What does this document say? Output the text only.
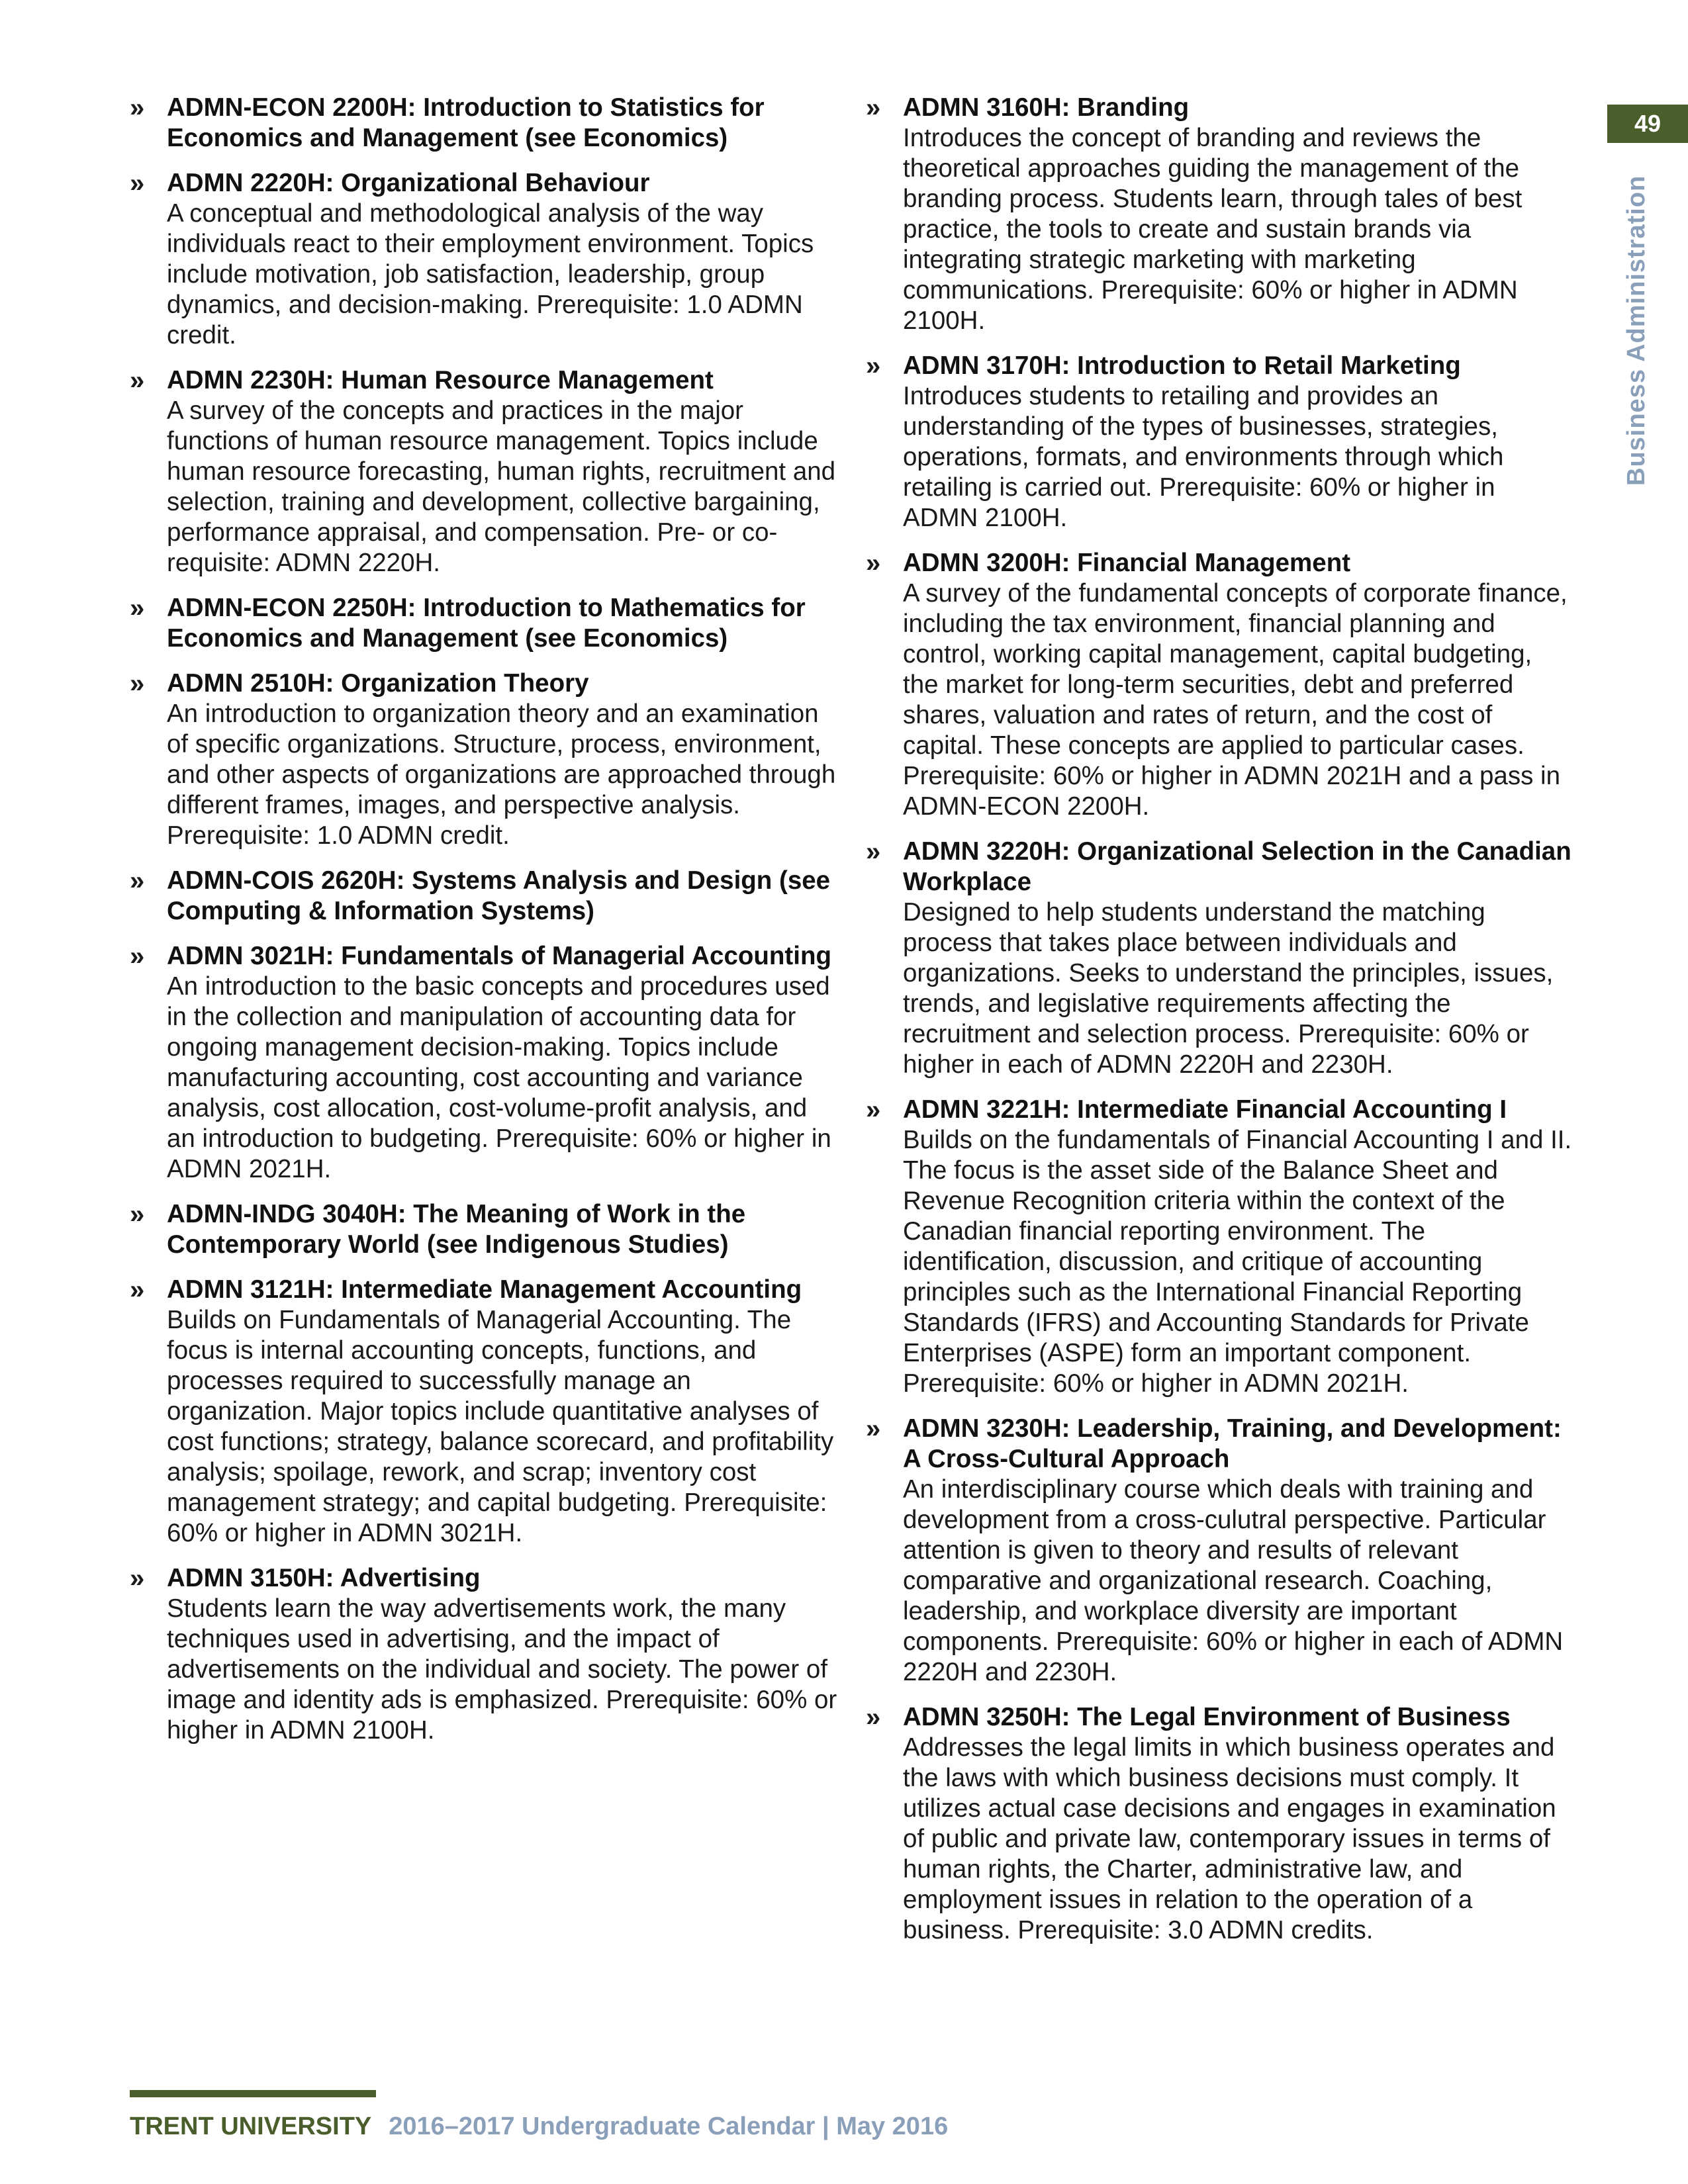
» ADMN-ECON 2200H: Introduction to Statistics for Economics and Management (see Economics)
» ADMN 2220H: Organizational Behaviour
A conceptual and methodological analysis of the way individuals react to their employment environment. Topics include motivation, job satisfaction, leadership, group dynamics, and decision-making. Prerequisite: 1.0 ADMN credit.
» ADMN 2230H: Human Resource Management
A survey of the concepts and practices in the major functions of human resource management. Topics include human resource forecasting, human rights, recruitment and selection, training and development, collective bargaining, performance appraisal, and compensation. Pre- or co-requisite: ADMN 2220H.
» ADMN-ECON 2250H: Introduction to Mathematics for Economics and Management (see Economics)
» ADMN 2510H: Organization Theory
An introduction to organization theory and an examination of specific organizations. Structure, process, environment, and other aspects of organizations are approached through different frames, images, and perspective analysis. Prerequisite: 1.0 ADMN credit.
» ADMN-COIS 2620H: Systems Analysis and Design (see Computing & Information Systems)
» ADMN 3021H: Fundamentals of Managerial Accounting
An introduction to the basic concepts and procedures used in the collection and manipulation of accounting data for ongoing management decision-making. Topics include manufacturing accounting, cost accounting and variance analysis, cost allocation, cost-volume-profit analysis, and an introduction to budgeting. Prerequisite: 60% or higher in ADMN 2021H.
» ADMN-INDG 3040H: The Meaning of Work in the Contemporary World (see Indigenous Studies)
» ADMN 3121H: Intermediate Management Accounting
Builds on Fundamentals of Managerial Accounting. The focus is internal accounting concepts, functions, and processes required to successfully manage an organization. Major topics include quantitative analyses of cost functions; strategy, balance scorecard, and profitability analysis; spoilage, rework, and scrap; inventory cost management strategy; and capital budgeting. Prerequisite: 60% or higher in ADMN 3021H.
» ADMN 3150H: Advertising
Students learn the way advertisements work, the many techniques used in advertising, and the impact of advertisements on the individual and society. The power of image and identity ads is emphasized. Prerequisite: 60% or higher in ADMN 2100H.
» ADMN 3160H: Branding
Introduces the concept of branding and reviews the theoretical approaches guiding the management of the branding process. Students learn, through tales of best practice, the tools to create and sustain brands via integrating strategic marketing with marketing communications. Prerequisite: 60% or higher in ADMN 2100H.
» ADMN 3170H: Introduction to Retail Marketing
Introduces students to retailing and provides an understanding of the types of businesses, strategies, operations, formats, and environments through which retailing is carried out. Prerequisite: 60% or higher in ADMN 2100H.
» ADMN 3200H: Financial Management
A survey of the fundamental concepts of corporate finance, including the tax environment, financial planning and control, working capital management, capital budgeting, the market for long-term securities, debt and preferred shares, valuation and rates of return, and the cost of capital. These concepts are applied to particular cases. Prerequisite: 60% or higher in ADMN 2021H and a pass in ADMN-ECON 2200H.
» ADMN 3220H: Organizational Selection in the Canadian Workplace
Designed to help students understand the matching process that takes place between individuals and organizations. Seeks to understand the principles, issues, trends, and legislative requirements affecting the recruitment and selection process. Prerequisite: 60% or higher in each of ADMN 2220H and 2230H.
» ADMN 3221H: Intermediate Financial Accounting I
Builds on the fundamentals of Financial Accounting I and II. The focus is the asset side of the Balance Sheet and Revenue Recognition criteria within the context of the Canadian financial reporting environment. The identification, discussion, and critique of accounting principles such as the International Financial Reporting Standards (IFRS) and Accounting Standards for Private Enterprises (ASPE) form an important component. Prerequisite: 60% or higher in ADMN 2021H.
» ADMN 3230H: Leadership, Training, and Development: A Cross-Cultural Approach
An interdisciplinary course which deals with training and development from a cross-culutral perspective. Particular attention is given to theory and results of relevant comparative and organizational research. Coaching, leadership, and workplace diversity are important components. Prerequisite: 60% or higher in each of ADMN 2220H and 2230H.
» ADMN 3250H: The Legal Environment of Business
Addresses the legal limits in which business operates and the laws with which business decisions must comply. It utilizes actual case decisions and engages in examination of public and private law, contemporary issues in terms of human rights, the Charter, administrative law, and employment issues in relation to the operation of a business. Prerequisite: 3.0 ADMN credits.
49
Business Administration
TRENT UNIVERSITY 2016–2017 Undergraduate Calendar | May 2016
